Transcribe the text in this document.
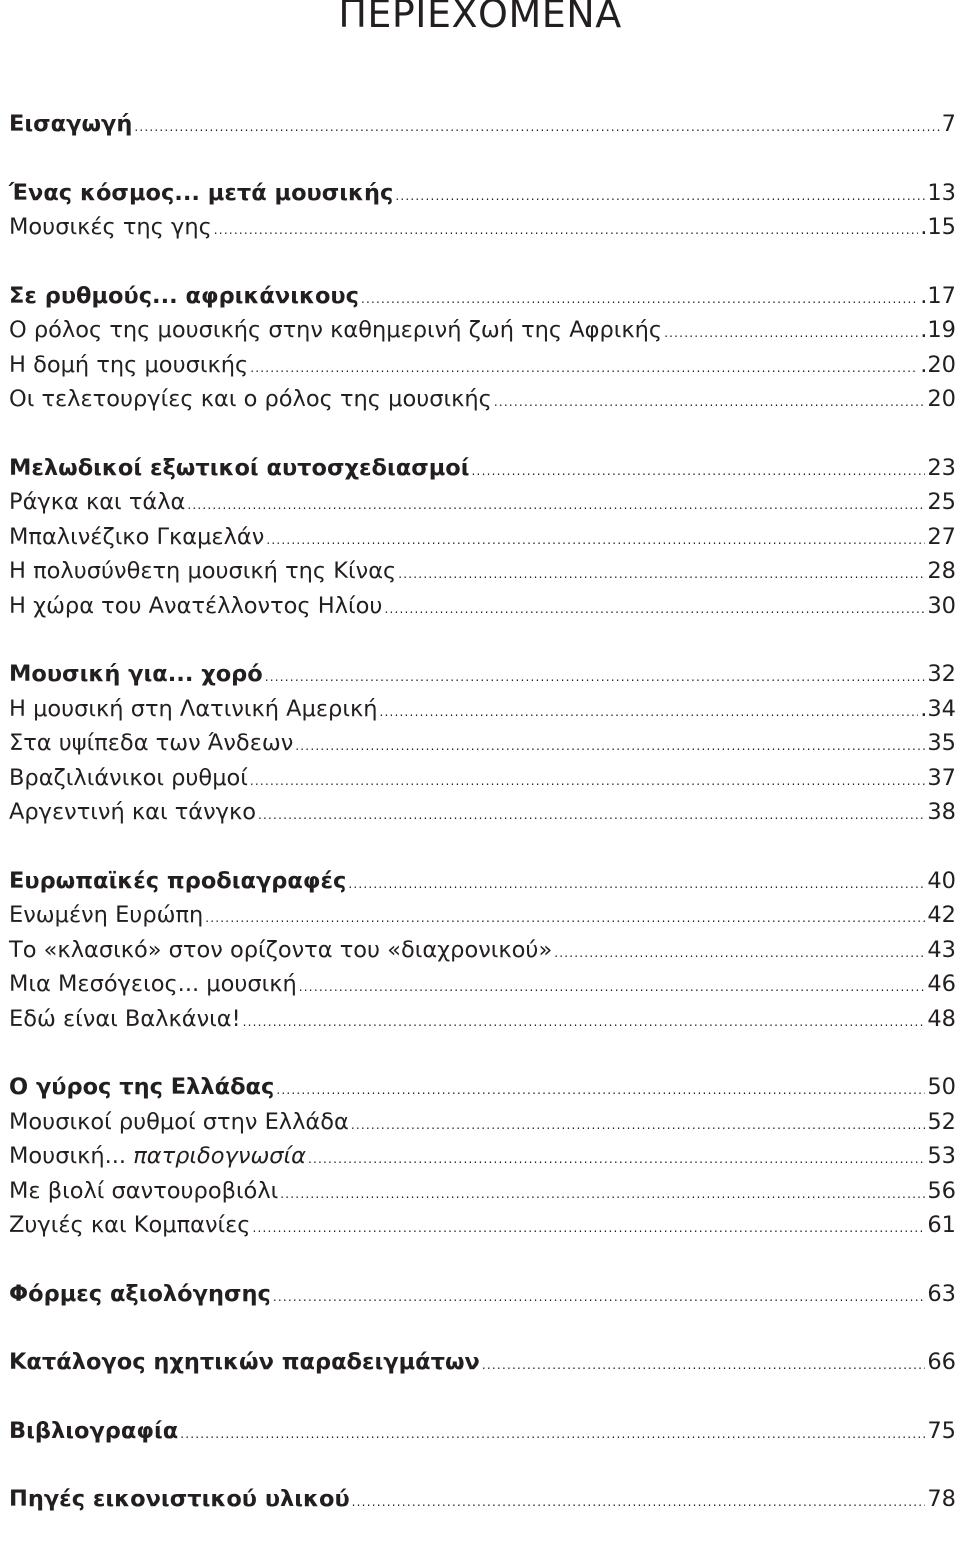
ΠΕΡΙΕΧΟΜΕΝΑ
Εισαγωγή .....	7
Ένας κόσμος... μετά μουσικής .....	13
Μουσικές της γης .....	.15
Σε ρυθμούς... αφρικάνικους .....	.17
Ο ρόλος της μουσικής στην καθημερινή ζωή της Αφρικής .....	.19
Η δομή της μουσικής .....	.20
Οι τελετουργίες και ο ρόλος της μουσικής .....	20
Μελωδικοί εξωτικοί αυτοσχεδιασμοί .....	23
Ράγκα και τάλα .....	25
Μπαλινέζικο Γκαμελάν .....	27
Η πολυσύνθετη μουσική της Κίνας .....	28
Η χώρα του Ανατέλλοντος Ηλίου .....	30
Μουσική για... χορό .....	32
Η μουσική στη Λατινική Αμερική .....	.34
Στα υψίπεδα των Άνδεων .....	35
Βραζιλιάνικοι ρυθμοί .....	37
Αργεντινή και τάνγκο .....	38
Ευρωπαϊκές προδιαγραφές .....	40
Ενωμένη Ευρώπη .....	42
Το «κλασικό» στον ορίζοντα του «διαχρονικού» .....	43
Μια Μεσόγειος... μουσική .....	46
Εδώ είναι Βαλκάνια! .....	48
Ο γύρος της Ελλάδας .....	50
Μουσικοί ρυθμοί στην Ελλάδα .....	52
Μουσική... πατριδογνωσία .....	53
Με βιολί σαντουροβιόλι .....	56
Ζυγιές και Κομπανίες .....	61
Φόρμες αξιολόγησης .....	63
Κατάλογος ηχητικών παραδειγμάτων .....	66
Βιβλιογραφία .....	75
Πηγές εικονιστικού υλικού .....	78
